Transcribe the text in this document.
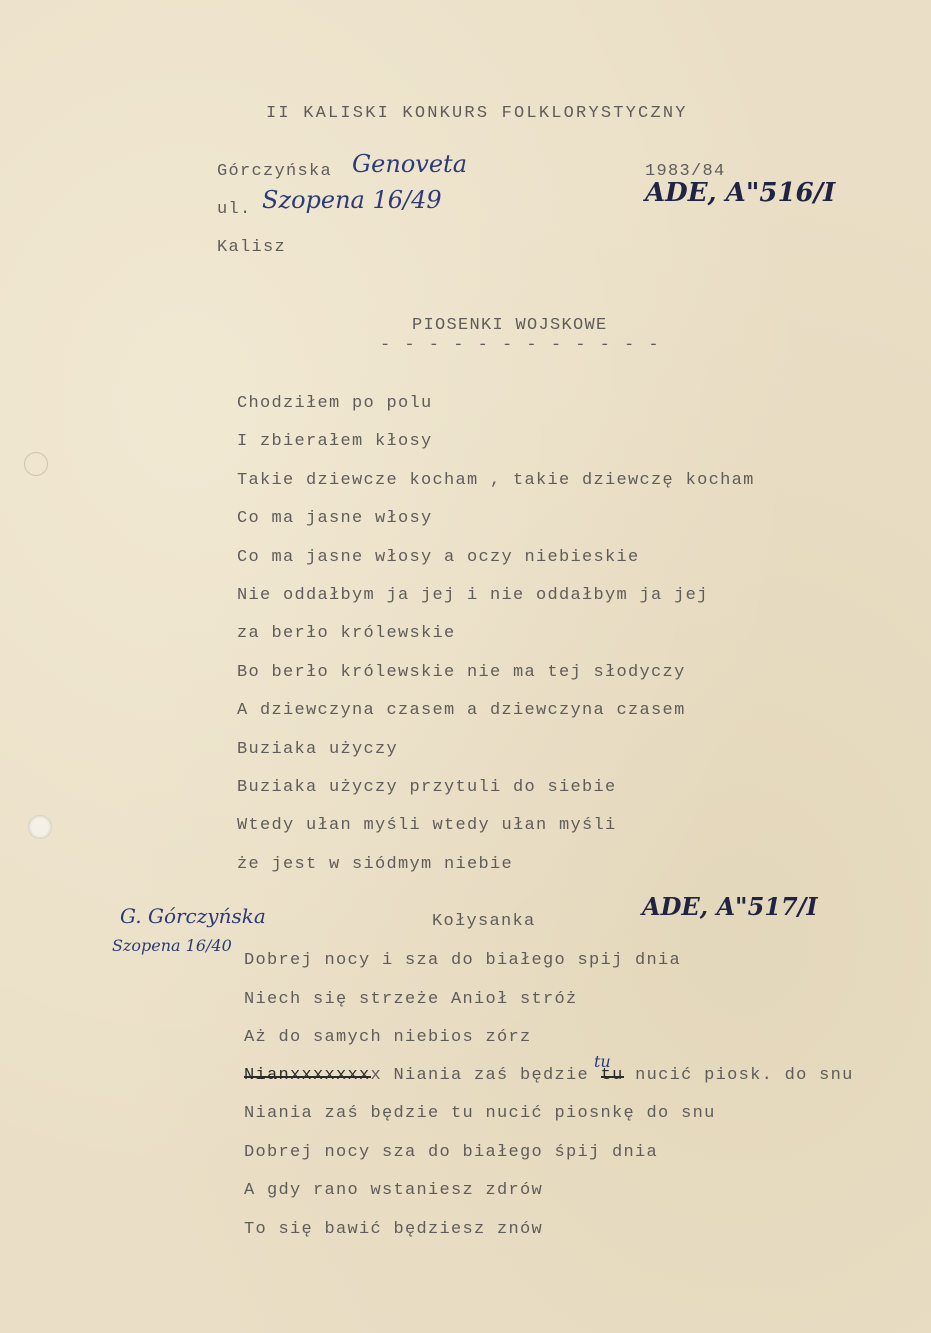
II KALISKI KONKURS FOLKLORYSTYCZNY
Górczyńska Genoveta
ul. Szopena 16/49
Kalisz
1983/84
ADE, A"516/I
PIOSENKI WOJSKOWE
- - - - - - - - - - - -
Chodziłem po polu
I zbierałem kłosy
Takie dziewcze kocham , takie dziewczę kocham
Co ma jasne włosy
Co ma jasne włosy a oczy niebieskie
Nie oddałbym ja jej i nie oddałbym ja jej
za berło królewskie
Bo berło królewskie nie ma tej słodyczy
A dziewczyna czasem a dziewczyna czasem
Buziaka użyczy
Buziaka użyczy przytuli do siebie
Wtedy ułan myśli wtedy ułan myśli
że jest w siódmym niebie
G. Górczyńska
Szopena 16/40
Kołysanka
ADE, A"517/I
Dobrej nocy i sza do białego spij dnia
Niech się strzeże Anioł stróż
Aż do samych niebios zórz
Nianxxxxxxxx Niania zaś będzie tu nucić piosk. do snu
tu
Niania zaś będzie tu nucić piosnkę do snu
Dobrej nocy sza do białego śpij dnia
A gdy rano wstaniesz zdrów
To się bawić będziesz znów
